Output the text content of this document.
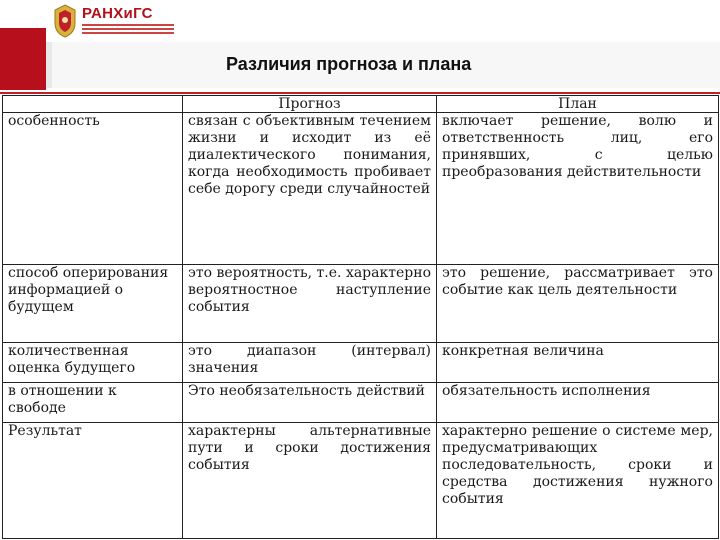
РАНХиГС
Различия прогноза и плана
	Прогноз	План
особенность	связан с объективным течением жизни и исходит из её диалектического понимания, когда необходимость пробивает себе дорогу среди случайностей	включает решение, волю и ответственность лиц, его принявших, с целью преобразования действительности
способ оперирования информацией о будущем	это вероятность, т.е. характерно вероятностное наступление события	это решение, рассматривает это событие как цель деятельности
количественная оценка будущего	это диапазон (интервал) значения	конкретная величина
в отношении к свободе	Это необязательность действий	обязательность исполнения
Результат	характерны альтернативные пути и сроки достижения события	характерно решение о системе мер, предусматривающих последовательность, сроки и средства достижения нужного события
